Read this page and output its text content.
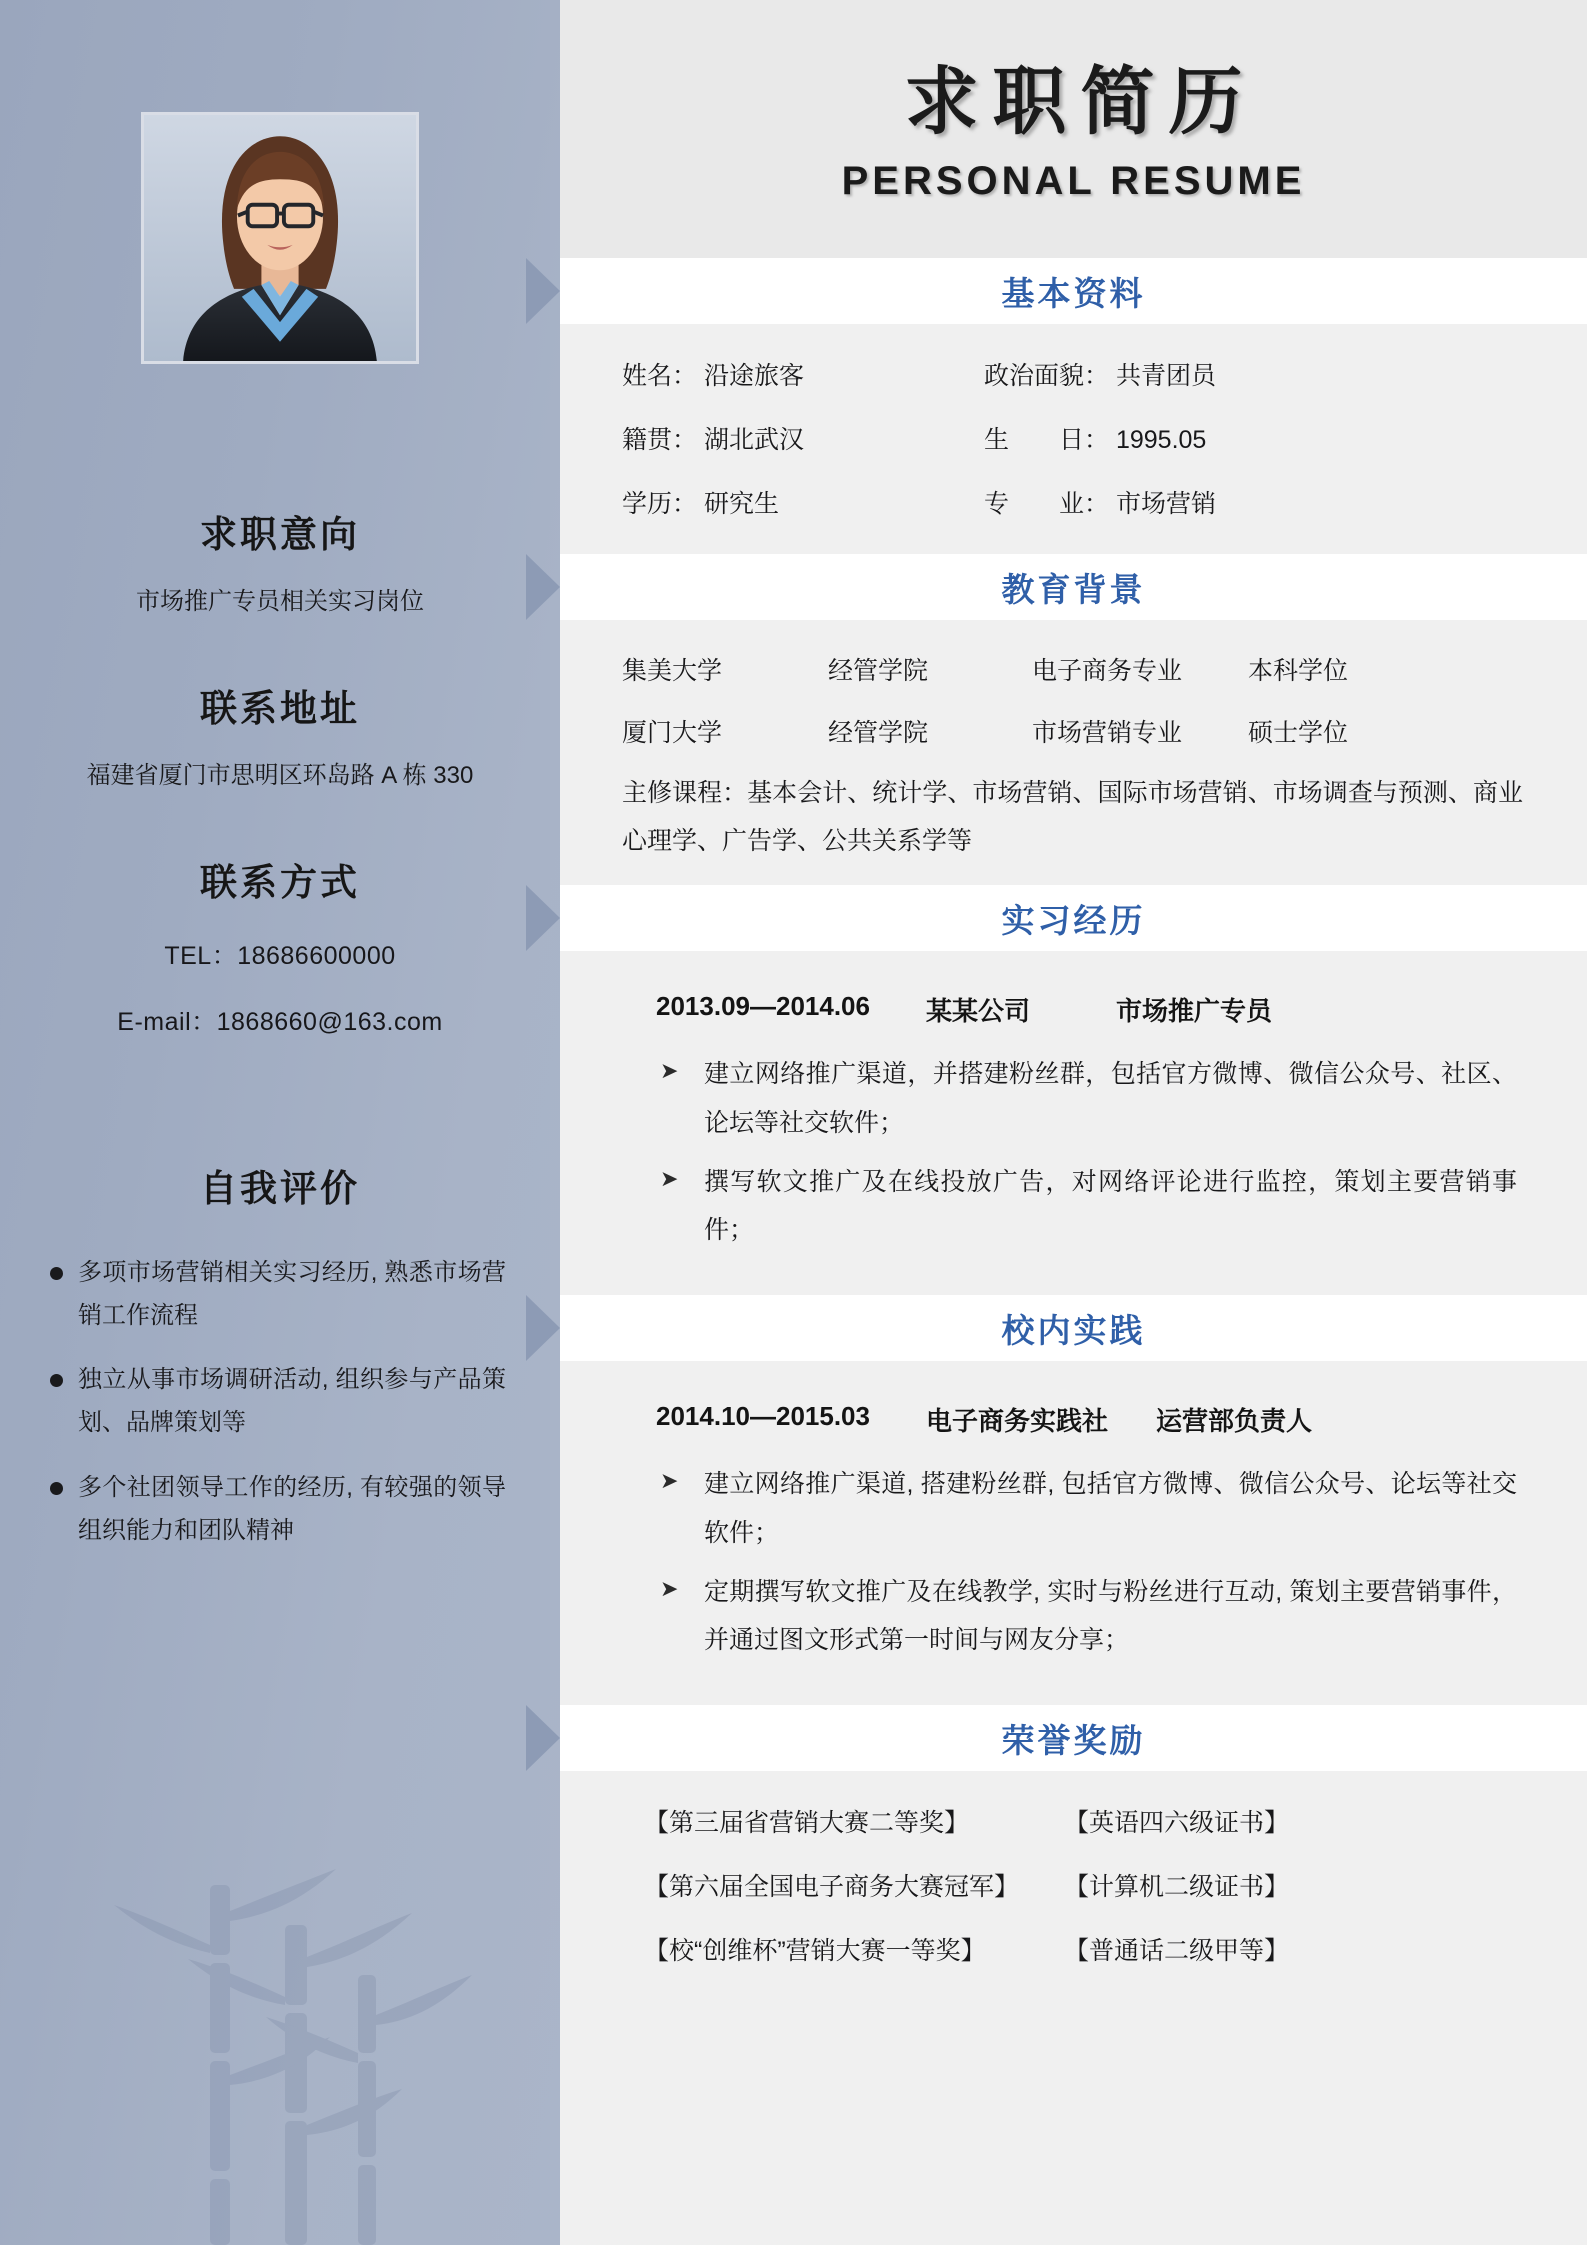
求职意向
市场推广专员相关实习岗位
联系地址
福建省厦门市思明区环岛路 A 栋 330
联系方式
TEL：18686600000
E-mail：1868660@163.com
自我评价
多项市场营销相关实习经历, 熟悉市场营销工作流程
独立从事市场调研活动, 组织参与产品策划、品牌策划等
多个社团领导工作的经历, 有较强的领导组织能力和团队精神
求职简历
PERSONAL RESUME
基本资料
姓名： 沿途旅客	政治面貌： 共青团员
籍贯： 湖北武汉	生　　日： 1995.05
学历： 研究生	专　　业： 市场营销
教育背景
集美大学	经管学院	电子商务专业	本科学位
厦门大学	经管学院	市场营销专业	硕士学位
主修课程：基本会计、统计学、市场营销、国际市场营销、市场调查与预测、商业心理学、广告学、公共关系学等
实习经历
2013.09—2014.06	某某公司	市场推广专员
➤ 建立网络推广渠道，并搭建粉丝群，包括官方微博、微信公众号、社区、论坛等社交软件；
➤ 撰写软文推广及在线投放广告，对网络评论进行监控，策划主要营销事件；
校内实践
2014.10—2015.03	电子商务实践社	运营部负责人
➤ 建立网络推广渠道, 搭建粉丝群, 包括官方微博、微信公众号、论坛等社交软件；
➤ 定期撰写软文推广及在线教学, 实时与粉丝进行互动, 策划主要营销事件，并通过图文形式第一时间与网友分享；
荣誉奖励
【第三届省营销大赛二等奖】	【英语四六级证书】
【第六届全国电子商务大赛冠军】	【计算机二级证书】
【校“创维杯”营销大赛一等奖】	【普通话二级甲等】
